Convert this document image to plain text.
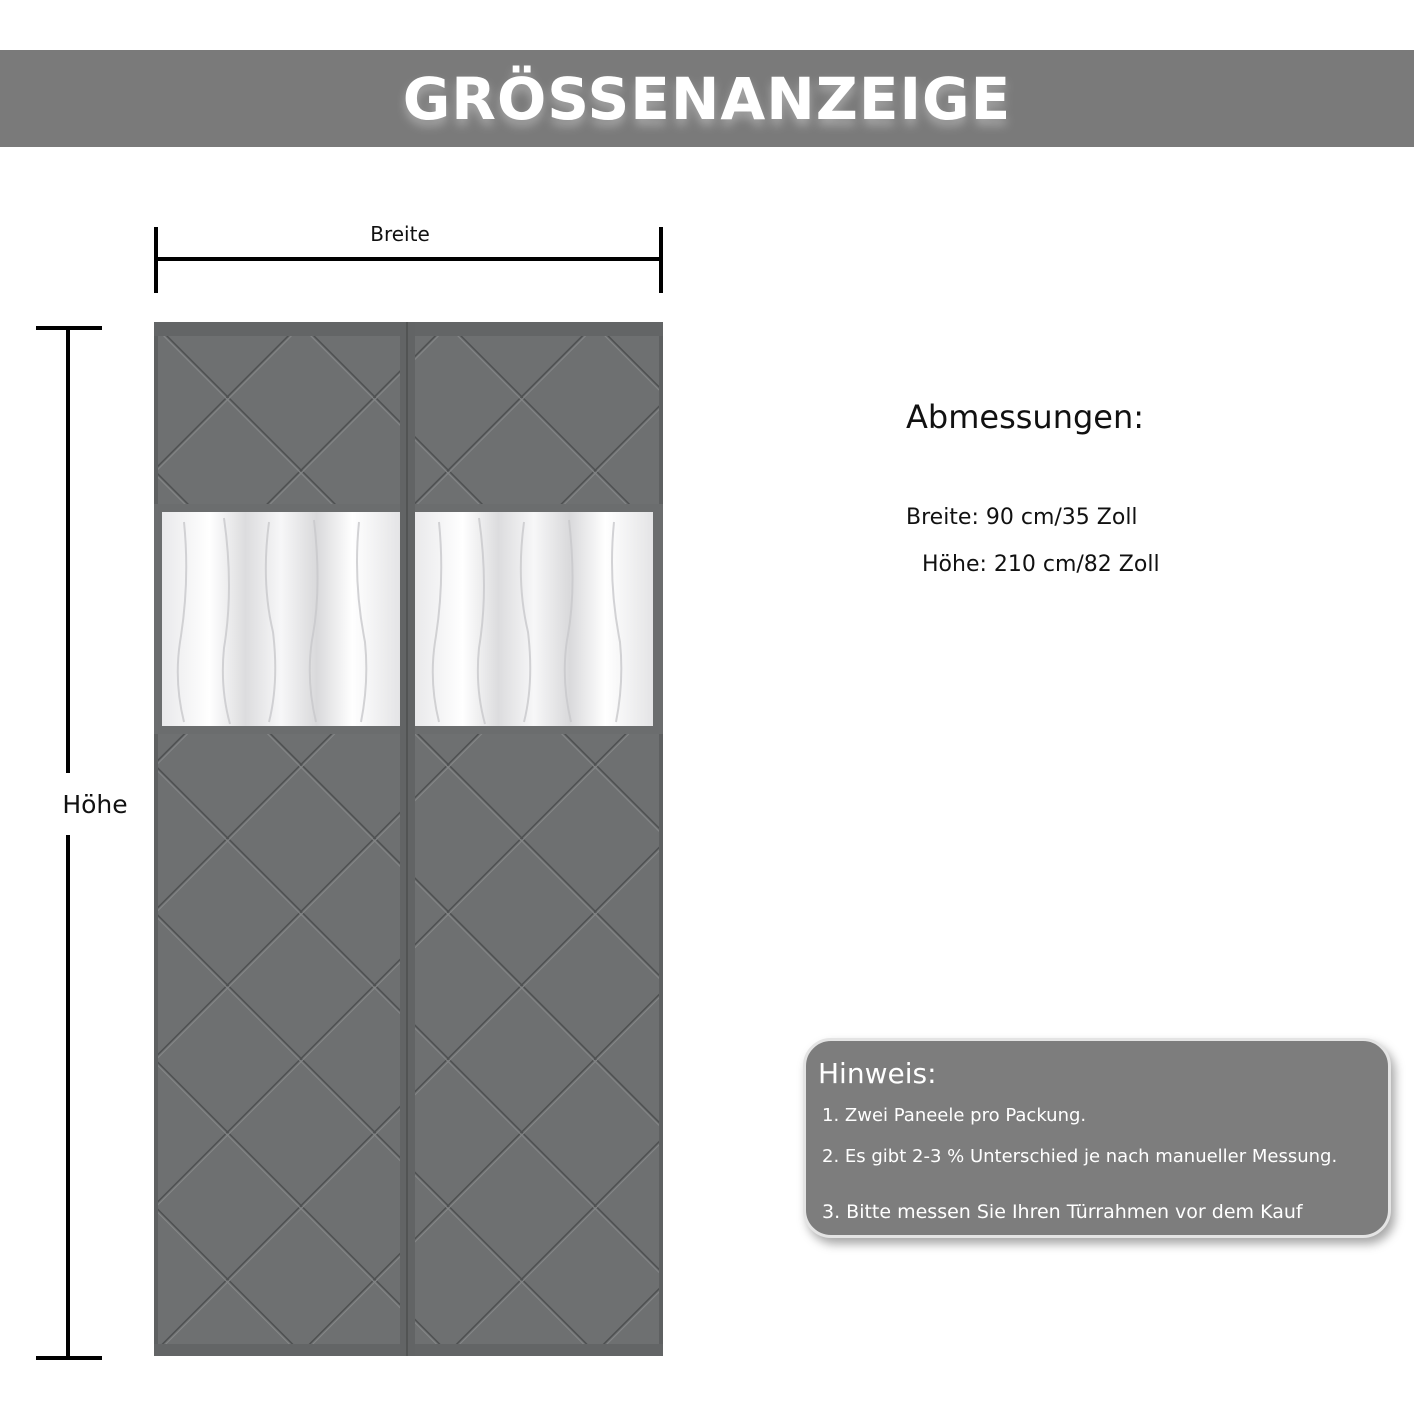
GRÖSSENANZEIGE
Breite
Höhe
Abmessungen:
Breite: 90 cm/35 Zoll
Höhe: 210 cm/82 Zoll
Hinweis:
1. Zwei Paneele pro Packung.
2. Es gibt 2-3 % Unterschied je nach manueller Messung.
3. Bitte messen Sie Ihren Türrahmen vor dem Kauf
